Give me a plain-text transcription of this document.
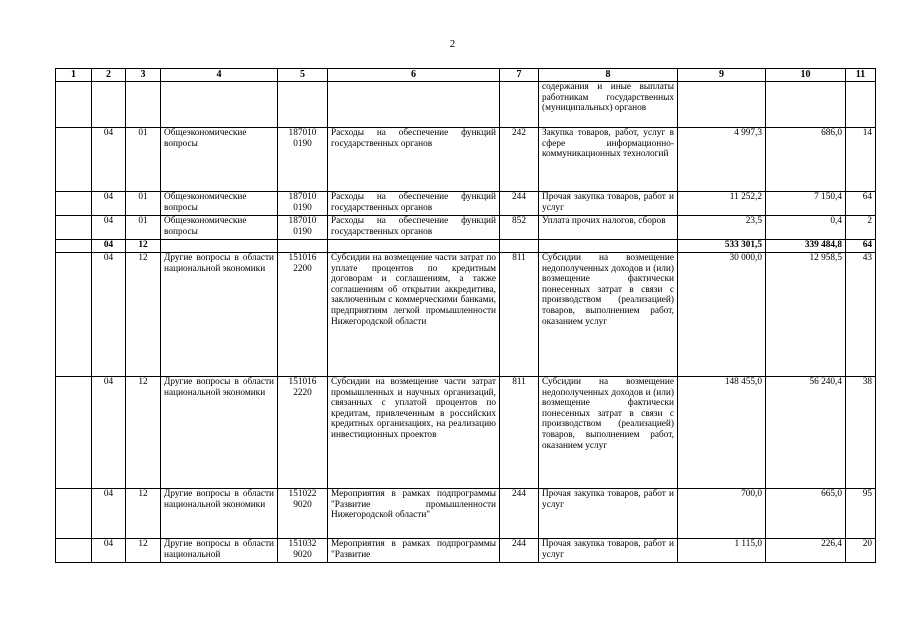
2
1	2	3	4	5	6	7	8	9	10	11
							содержания и иные выплаты работникам государственных (муниципальных) органов			
	04	01	Общеэкономические вопросы	187010 0190	Расходы на обеспечение функций государственных органов	242	Закупка товаров, работ, услуг в сфере информационно-коммуникационных технологий	4 997,3	686,0	14
	04	01	Общеэкономические вопросы	187010 0190	Расходы на обеспечение функций государственных органов	244	Прочая закупка товаров, работ и услуг	11 252,2	7 150,4	64
	04	01	Общеэкономические вопросы	187010 0190	Расходы на обеспечение функций государственных органов	852	Уплата прочих налогов, сборов	23,5	0,4	2
	04	12						533 301,5	339 484,8	64
	04	12	Другие вопросы в области национальной экономики	151016 2200	Субсидии на возмещение части затрат по уплате процентов по кредитным договорам и соглашениям, а также соглашениям об открытии аккредитива, заключенным с коммерческими банками, предприятиям легкой промышленности Нижегородской области	811	Субсидии на возмещение недополученных доходов и (или) возмещение фактически понесенных затрат в связи с производством (реализацией) товаров, выполнением работ, оказанием услуг	30 000,0	12 958,5	43
	04	12	Другие вопросы в области национальной экономики	151016 2220	Субсидии на возмещение части затрат промышленных и научных организаций, связанных с уплатой процентов по кредитам, привлеченным в российских кредитных организациях, на реализацию инвестиционных проектов	811	Субсидии на возмещение недополученных доходов и (или) возмещение фактически понесенных затрат в связи с производством (реализацией) товаров, выполнением работ, оказанием услуг	148 455,0	56 240,4	38
	04	12	Другие вопросы в области национальной экономики	151022 9020	Мероприятия в рамках подпрограммы "Развитие промышленности Нижегородской области"	244	Прочая закупка товаров, работ и услуг	700,0	665,0	95
	04	12	Другие вопросы в области национальной	151032 9020	Мероприятия в рамках подпрограммы "Развитие	244	Прочая закупка товаров, работ и услуг	1 115,0	226,4	20
